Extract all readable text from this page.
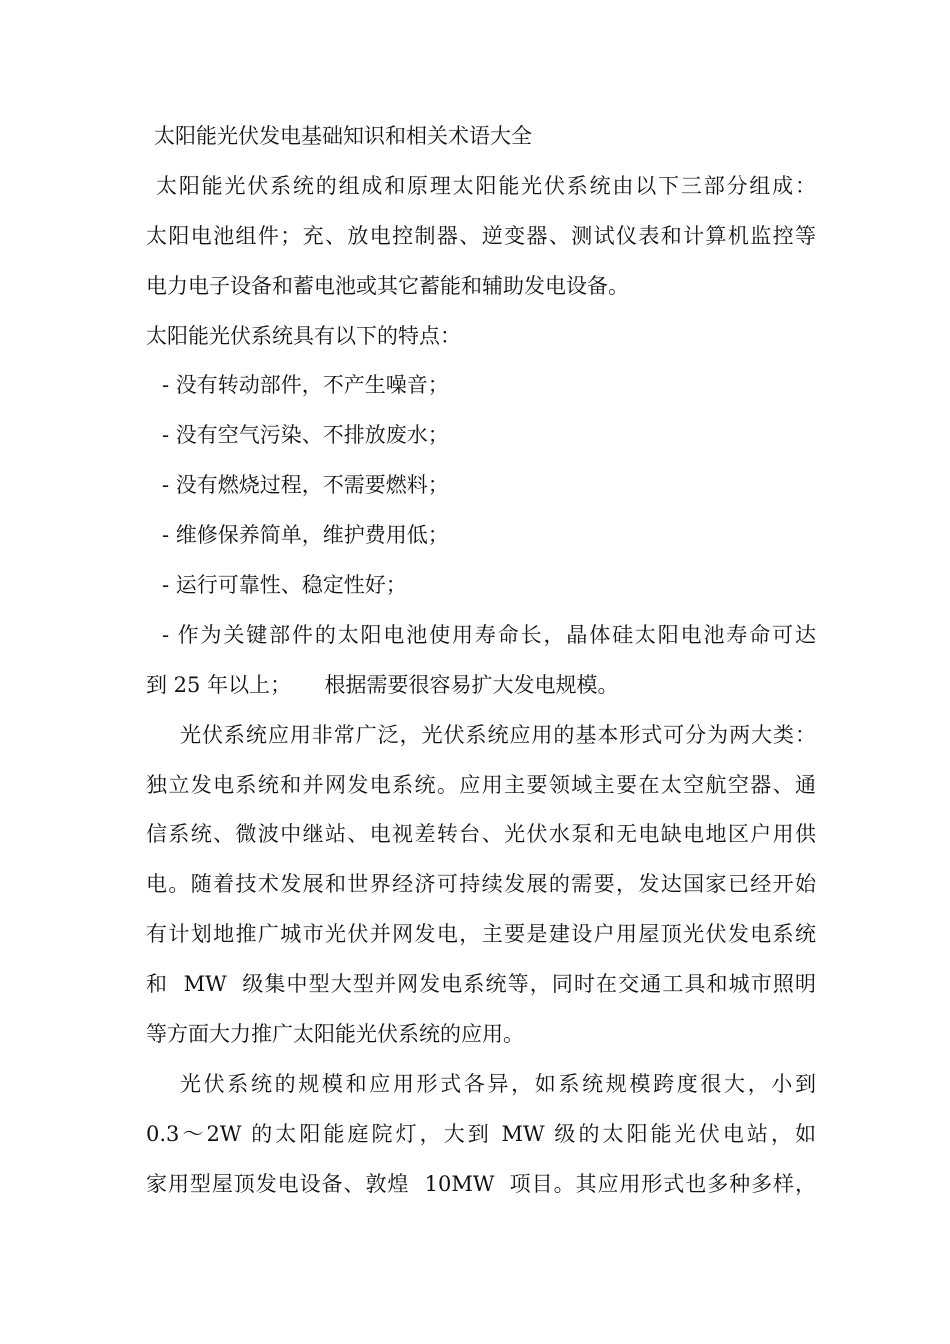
太阳能光伏发电基础知识和相关术语大全
太阳能光伏系统的组成和原理太阳能光伏系统由以下三部分组成：
太阳电池组件；充、放电控制器、逆变器、测试仪表和计算机监控等
电力电子设备和蓄电池或其它蓄能和辅助发电设备。
太阳能光伏系统具有以下的特点：
- 没有转动部件，不产生噪音；
- 没有空气污染、不排放废水；
- 没有燃烧过程，不需要燃料；
- 维修保养简单，维护费用低；
- 运行可靠性、稳定性好；
- 作为关键部件的太阳电池使用寿命长，晶体硅太阳电池寿命可达
到 25 年以上；     根据需要很容易扩大发电规模。
光伏系统应用非常广泛，光伏系统应用的基本形式可分为两大类：
独立发电系统和并网发电系统。应用主要领域主要在太空航空器、通
信系统、微波中继站、电视差转台、光伏水泵和无电缺电地区户用供
电。随着技术发展和世界经济可持续发展的需要，发达国家已经开始
有计划地推广城市光伏并网发电，主要是建设户用屋顶光伏发电系统
和  MW  级集中型大型并网发电系统等，同时在交通工具和城市照明
等方面大力推广太阳能光伏系统的应用。
光伏系统的规模和应用形式各异，如系统规模跨度很大，小到
0.3～2W 的太阳能庭院灯，大到 MW 级的太阳能光伏电站，如
家用型屋顶发电设备、敦煌  10MW  项目。其应用形式也多种多样，
